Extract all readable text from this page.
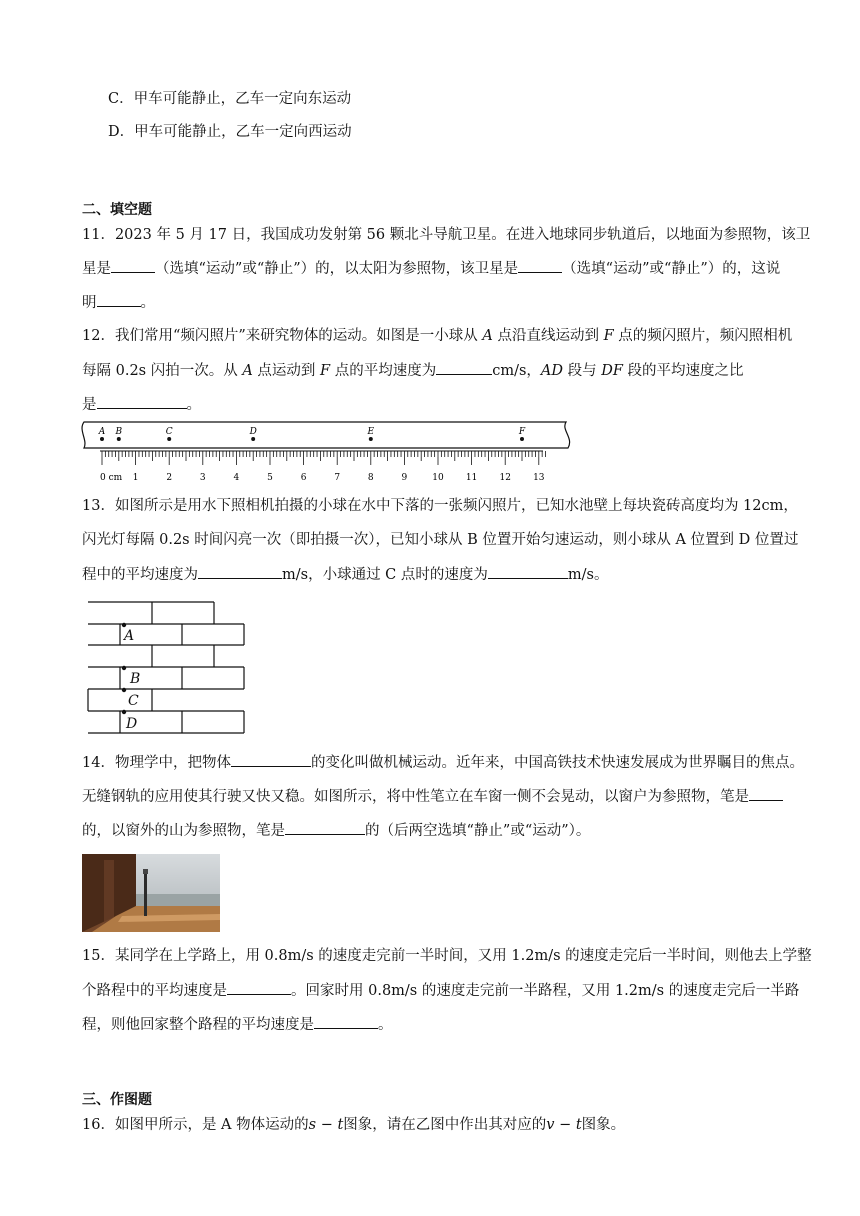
C．甲车可能静止，乙车一定向东运动
D．甲车可能静止，乙车一定向西运动
二、填空题
11．2023 年 5 月 17 日，我国成功发射第 56 颗北斗导航卫星。在进入地球同步轨道后，以地面为参照物，该卫
星是	（选填“运动”或“静止”）的，以太阳为参照物，该卫星是	（选填“运动”或“静止”）的，这说
明	。
12．我们常用“频闪照片”来研究物体的运动。如图是一小球从 A 点沿直线运动到 F 点的频闪照片，频闪照相机
每隔 0.2s 闪拍一次。从 A 点运动到 F 点的平均速度为	cm/s，AD 段与 DF 段的平均速度之比
是	。
0 cm 1	2	3	4	5	6	7	8	9	10 11 12 13
A B	C	D	E	F
13．如图所示是用水下照相机拍摄的小球在水中下落的一张频闪照片，已知水池壁上每块瓷砖高度均为 12cm，
闪光灯每隔 0.2s 时间闪亮一次（即拍摄一次），已知小球从 B 位置开始匀速运动，则小球从 A 位置到 D 位置过
程中的平均速度为	m/s，小球通过 C 点时的速度为	m/s。
A
B
C
D
14．物理学中，把物体	的变化叫做机械运动。近年来，中国高铁技术快速发展成为世界瞩目的焦点。
无缝钢轨的应用使其行驶又快又稳。如图所示，将中性笔立在车窗一侧不会晃动，以窗户为参照物，笔是
的，以窗外的山为参照物，笔是	的（后两空选填“静止”或“运动”）。
15．某同学在上学路上，用 0.8m/s 的速度走完前一半时间，又用 1.2m/s 的速度走完后一半时间，则他去上学整
个路程中的平均速度是	。回家时用 0.8m/s 的速度走完前一半路程，又用 1.2m/s 的速度走完后一半路
程，则他回家整个路程的平均速度是	。
三、作图题
16．如图甲所示，是 A 物体运动的s − t图象，请在乙图中作出其对应的v − t图象。
